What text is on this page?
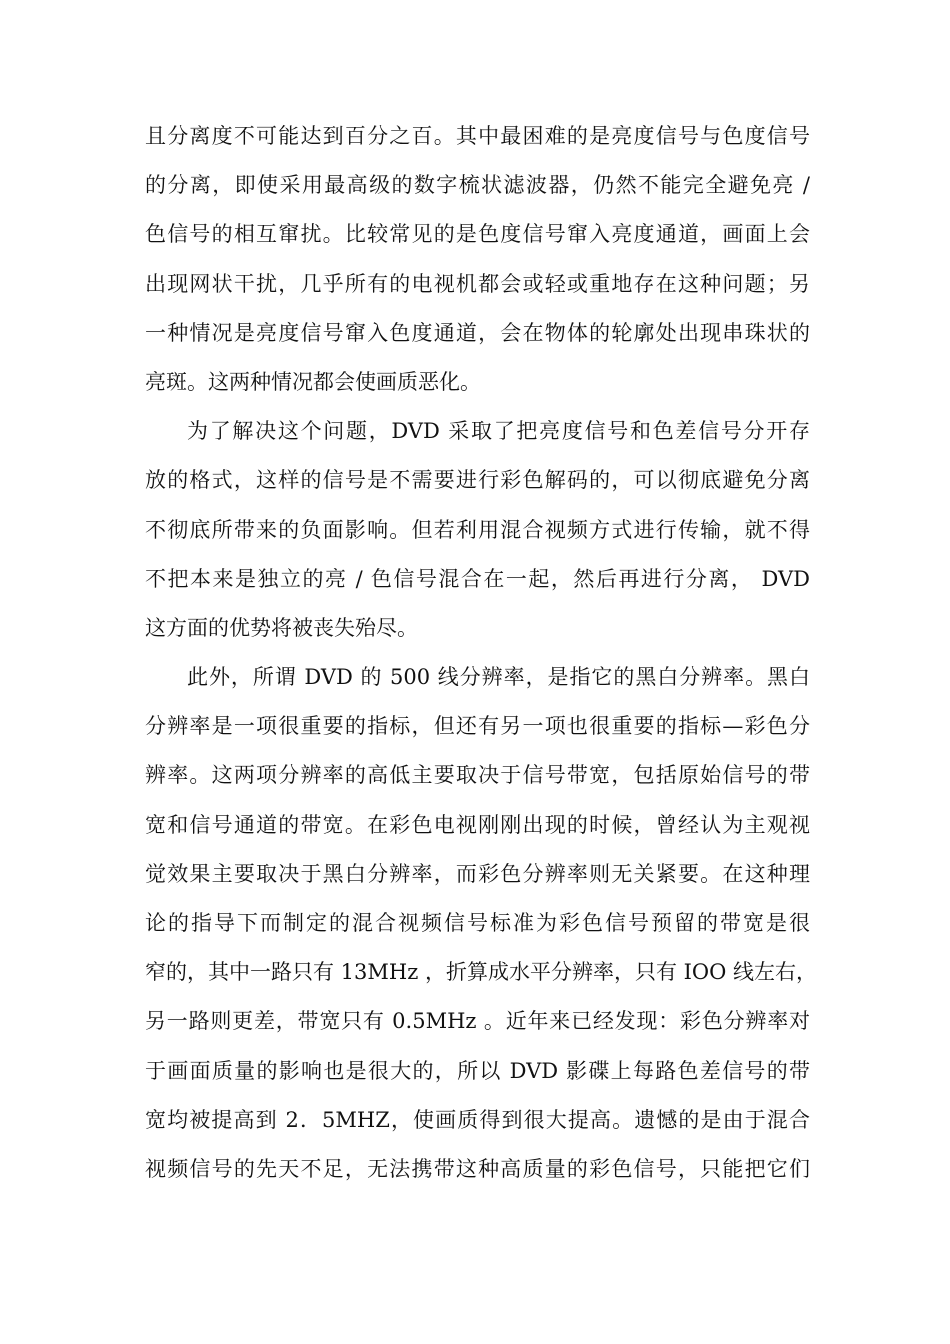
且分离度不可能达到百分之百。其中最困难的是亮度信号与色度信号
的分离，即使采用最高级的数字梳状滤波器，仍然不能完全避免亮 /
色信号的相互窜扰。比较常见的是色度信号窜入亮度通道，画面上会
出现网状干扰，几乎所有的电视机都会或轻或重地存在这种问题；另
一种情况是亮度信号窜入色度通道，会在物体的轮廓处出现串珠状的
亮斑。这两种情况都会使画质恶化。
为了解决这个问题，DVD 采取了把亮度信号和色差信号分开存
放的格式，这样的信号是不需要进行彩色解码的，可以彻底避免分离
不彻底所带来的负面影响。但若利用混合视频方式进行传输，就不得
不把本来是独立的亮 / 色信号混合在一起，然后再进行分离， DVD
这方面的优势将被丧失殆尽。
此外，所谓 DVD 的 500 线分辨率，是指它的黑白分辨率。黑白
分辨率是一项很重要的指标，但还有另一项也很重要的指标—彩色分
辨率。这两项分辨率的高低主要取决于信号带宽，包括原始信号的带
宽和信号通道的带宽。在彩色电视刚刚出现的时候，曾经认为主观视
觉效果主要取决于黑白分辨率，而彩色分辨率则无关紧要。在这种理
论的指导下而制定的混合视频信号标准为彩色信号预留的带宽是很
窄的，其中一路只有 13MHz ，折算成水平分辨率，只有 IOO 线左右，
另一路则更差，带宽只有 0.5MHz 。近年来已经发现：彩色分辨率对
于画面质量的影响也是很大的，所以 DVD 影碟上每路色差信号的带
宽均被提高到 2．5MHZ，使画质得到很大提高。遗憾的是由于混合
视频信号的先天不足，无法携带这种高质量的彩色信号，只能把它们
